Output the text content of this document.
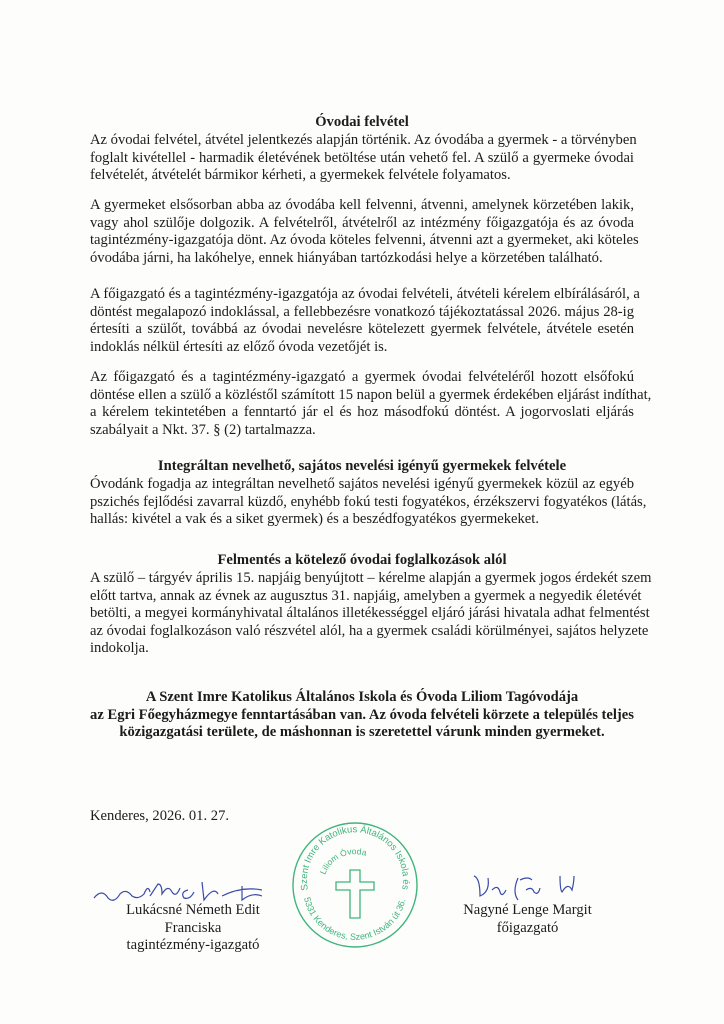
Óvodai felvétel
Az óvodai felvétel, átvétel jelentkezés alapján történik. Az óvodába a gyermek - a törvényben
foglalt kivétellel - harmadik életévének betöltése után vehető fel. A szülő a gyermeke óvodai
felvételét, átvételét bármikor kérheti, a gyermekek felvétele folyamatos.
A gyermeket elsősorban abba az óvodába kell felvenni, átvenni, amelynek körzetében lakik,
vagy ahol szülője dolgozik. A felvételről, átvételről az intézmény főigazgatója és az óvoda
tagintézmény-igazgatója dönt. Az óvoda köteles felvenni, átvenni azt a gyermeket, aki köteles
óvodába járni, ha lakóhelye, ennek hiányában tartózkodási helye a körzetében található.
A főigazgató és a tagintézmény-igazgatója az óvodai felvételi, átvételi kérelem elbírálásáról, a
döntést megalapozó indoklással, a fellebbezésre vonatkozó tájékoztatással 2026. május 28-ig
értesíti a szülőt, továbbá az óvodai nevelésre kötelezett gyermek felvétele, átvétele esetén
indoklás nélkül értesíti az előző óvoda vezetőjét is.
Az főigazgató és a tagintézmény-igazgató a gyermek óvodai felvételéről hozott elsőfokú
döntése ellen a szülő a közléstől számított 15 napon belül a gyermek érdekében eljárást indíthat,
a kérelem tekintetében a fenntartó jár el és hoz másodfokú döntést. A jogorvoslati eljárás
szabályait a Nkt. 37. § (2) tartalmazza.
Integráltan nevelhető, sajátos nevelési igényű gyermekek felvétele
Óvodánk fogadja az integráltan nevelhető sajátos nevelési igényű gyermekek közül az egyéb
pszichés fejlődési zavarral küzdő, enyhébb fokú testi fogyatékos, érzékszervi fogyatékos (látás,
hallás: kivétel a vak és a siket gyermek) és a beszédfogyatékos gyermekeket.
Felmentés a kötelező óvodai foglalkozások alól
A szülő – tárgyév április 15. napjáig benyújtott – kérelme alapján a gyermek jogos érdekét szem
előtt tartva, annak az évnek az augusztus 31. napjáig, amelyben a gyermek a negyedik életévét
betölti, a megyei kormányhivatal általános illetékességgel eljáró járási hivatala adhat felmentést
az óvodai foglalkozáson való részvétel alól, ha a gyermek családi körülményei, sajátos helyzete
indokolja.
A Szent Imre Katolikus Általános Iskola és Óvoda Liliom Tagóvodája
az Egri Főegyházmegye fenntartásában van. Az óvoda felvételi körzete a település teljes
közigazgatási területe, de máshonnan is szeretettel várunk minden gyermeket.
Kenderes, 2026. 01. 27.
Lukácsné Németh Edit Franciska
tagintézmény-igazgató
Szent Imre Katolikus Általános Iskola és
Liliom Óvoda
5331 Kenderes, Szent István út 36.
Nagyné Lenge Margit
főigazgató
